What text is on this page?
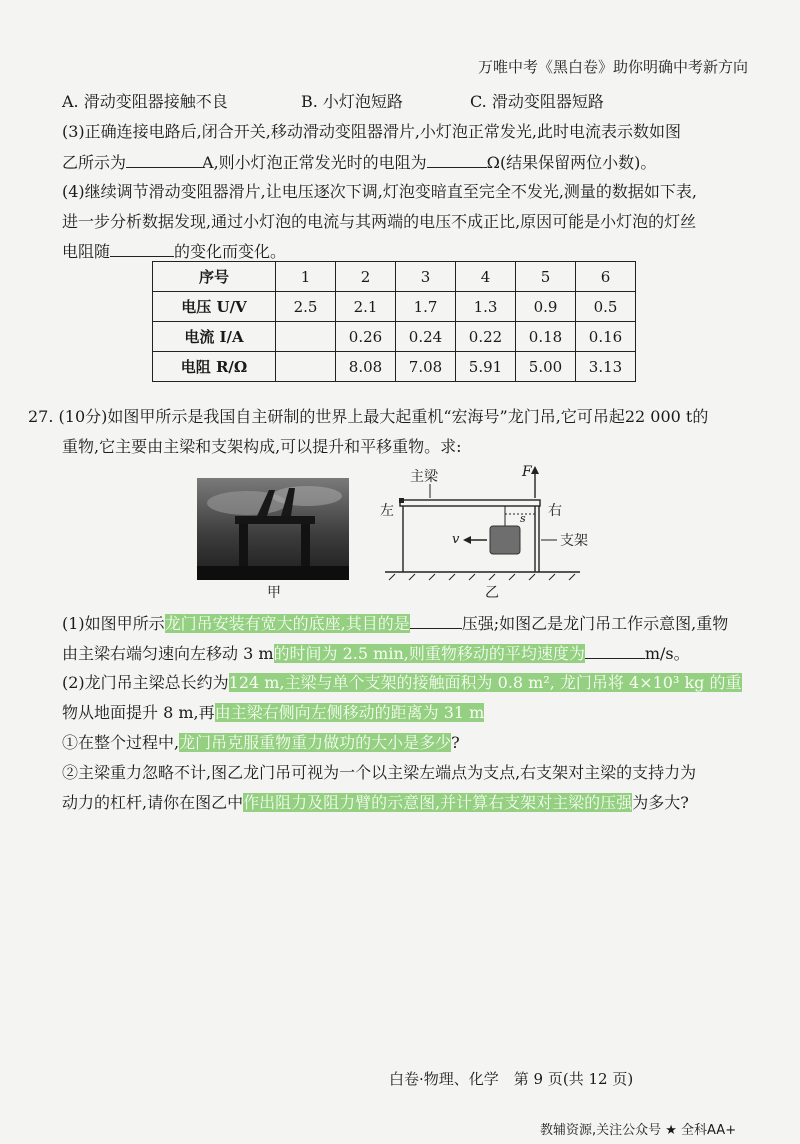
万唯中考《黑白卷》助你明确中考新方向
A. 滑动变阻器接触不良	B. 小灯泡短路	C. 滑动变阻器短路
(3)正确连接电路后,闭合开关,移动滑动变阻器滑片,小灯泡正常发光,此时电流表示数如图
乙所示为	A,则小灯泡正常发光时的电阻为	Ω(结果保留两位小数)。
(4)继续调节滑动变阻器滑片,让电压逐次下调,灯泡变暗直至完全不发光,测量的数据如下表,
进一步分析数据发现,通过小灯泡的电流与其两端的电压不成正比,原因可能是小灯泡的灯丝
电阻随	的变化而变化。
序号	1	2	3	4	5	6
电压 U/V	2.5	2.1	1.7	1.3	0.9	0.5
电流 I/A		0.26	0.24	0.22	0.18	0.16
电阻 R/Ω		8.08	7.08	5.91	5.00	3.13
27. (10分)如图甲所示是我国自主研制的世界上最大起重机“宏海号”龙门吊,它可吊起22 000 t的
重物,它主要由主梁和支架构成,可以提升和平移重物。求:
甲
主梁	F
左	右
s
v	支架
乙
(1)如图甲所示龙门吊安装有宽大的底座,其目的是	压强;如图乙是龙门吊工作示意图,重物
由主梁右端匀速向左移动 3 m的时间为 2.5 min,则重物移动的平均速度为	m/s。
(2)龙门吊主梁总长约为124 m,主梁与单个支架的接触面积为 0.8 m², 龙门吊将 4×10³ kg 的重
物从地面提升 8 m,再由主梁右侧向左侧移动的距离为 31 m
①在整个过程中,龙门吊克服重物重力做功的大小是多少?
②主梁重力忽略不计,图乙龙门吊可视为一个以主梁左端点为支点,右支架对主梁的支持力为
动力的杠杆,请你在图乙中作出阻力及阻力臂的示意图,并计算右支架对主梁的压强为多大?
白卷·物理、化学　第 9 页(共 12 页)
教辅资源,关注公众号 ★ 全科AA+
